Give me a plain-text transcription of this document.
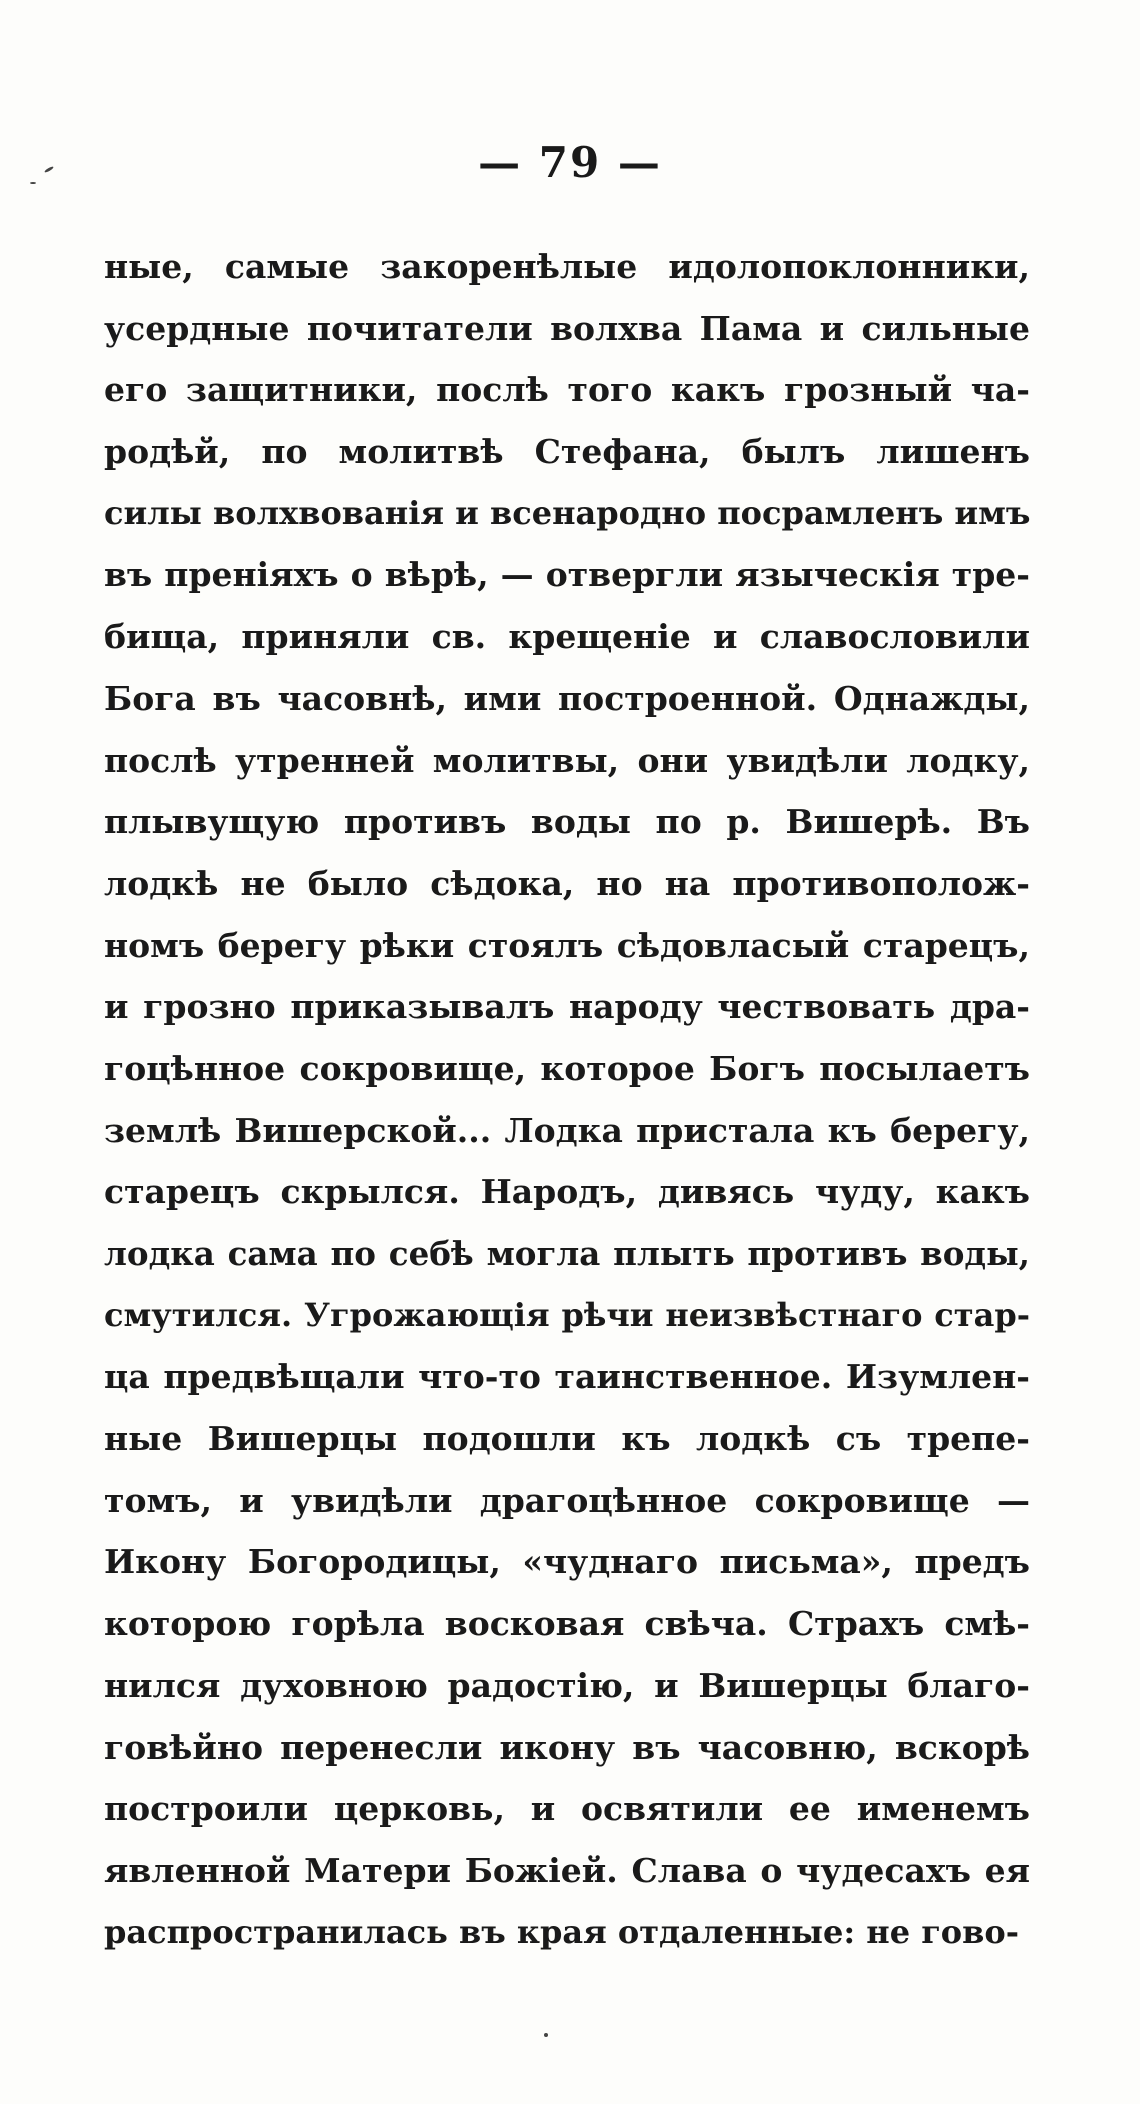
— 79 —
ные, самые закоренѣлые идолопоклонники,
усердные почитатели волхва Пама и сильные
его защитники, послѣ того какъ грозный ча-
родѣй, по молитвѣ Стефана, былъ лишенъ
силы волхвованія и всенародно посрамленъ имъ
въ преніяхъ о вѣрѣ, — отвергли языческія тре-
бища, приняли св. крещеніе и славословили
Бога въ часовнѣ, ими построенной. Однажды,
послѣ утренней молитвы, они увидѣли лодку,
плывущую противъ воды по р. Вишерѣ. Въ
лодкѣ не было сѣдока, но на противополож-
номъ берегу рѣки стоялъ сѣдовласый старецъ,
и грозно приказывалъ народу чествовать дра-
гоцѣнное сокровище, которое Богъ посылаетъ
землѣ Вишерской... Лодка пристала къ берегу,
старецъ скрылся. Народъ, дивясь чуду, какъ
лодка сама по себѣ могла плыть противъ воды,
смутился. Угрожающія рѣчи неизвѣстнаго стар-
ца предвѣщали что-то таинственное. Изумлен-
ные Вишерцы подошли къ лодкѣ съ трепе-
томъ, и увидѣли драгоцѣнное сокровище —
Икону Богородицы, «чуднаго письма», предъ
которою горѣла восковая свѣча. Страхъ смѣ-
нился духовною радостію, и Вишерцы благо-
говѣйно перенесли икону въ часовню, вскорѣ
построили церковь, и освятили ее именемъ
явленной Матери Божіей. Слава о чудесахъ ея
распространилась въ края отдаленные: не гово-
